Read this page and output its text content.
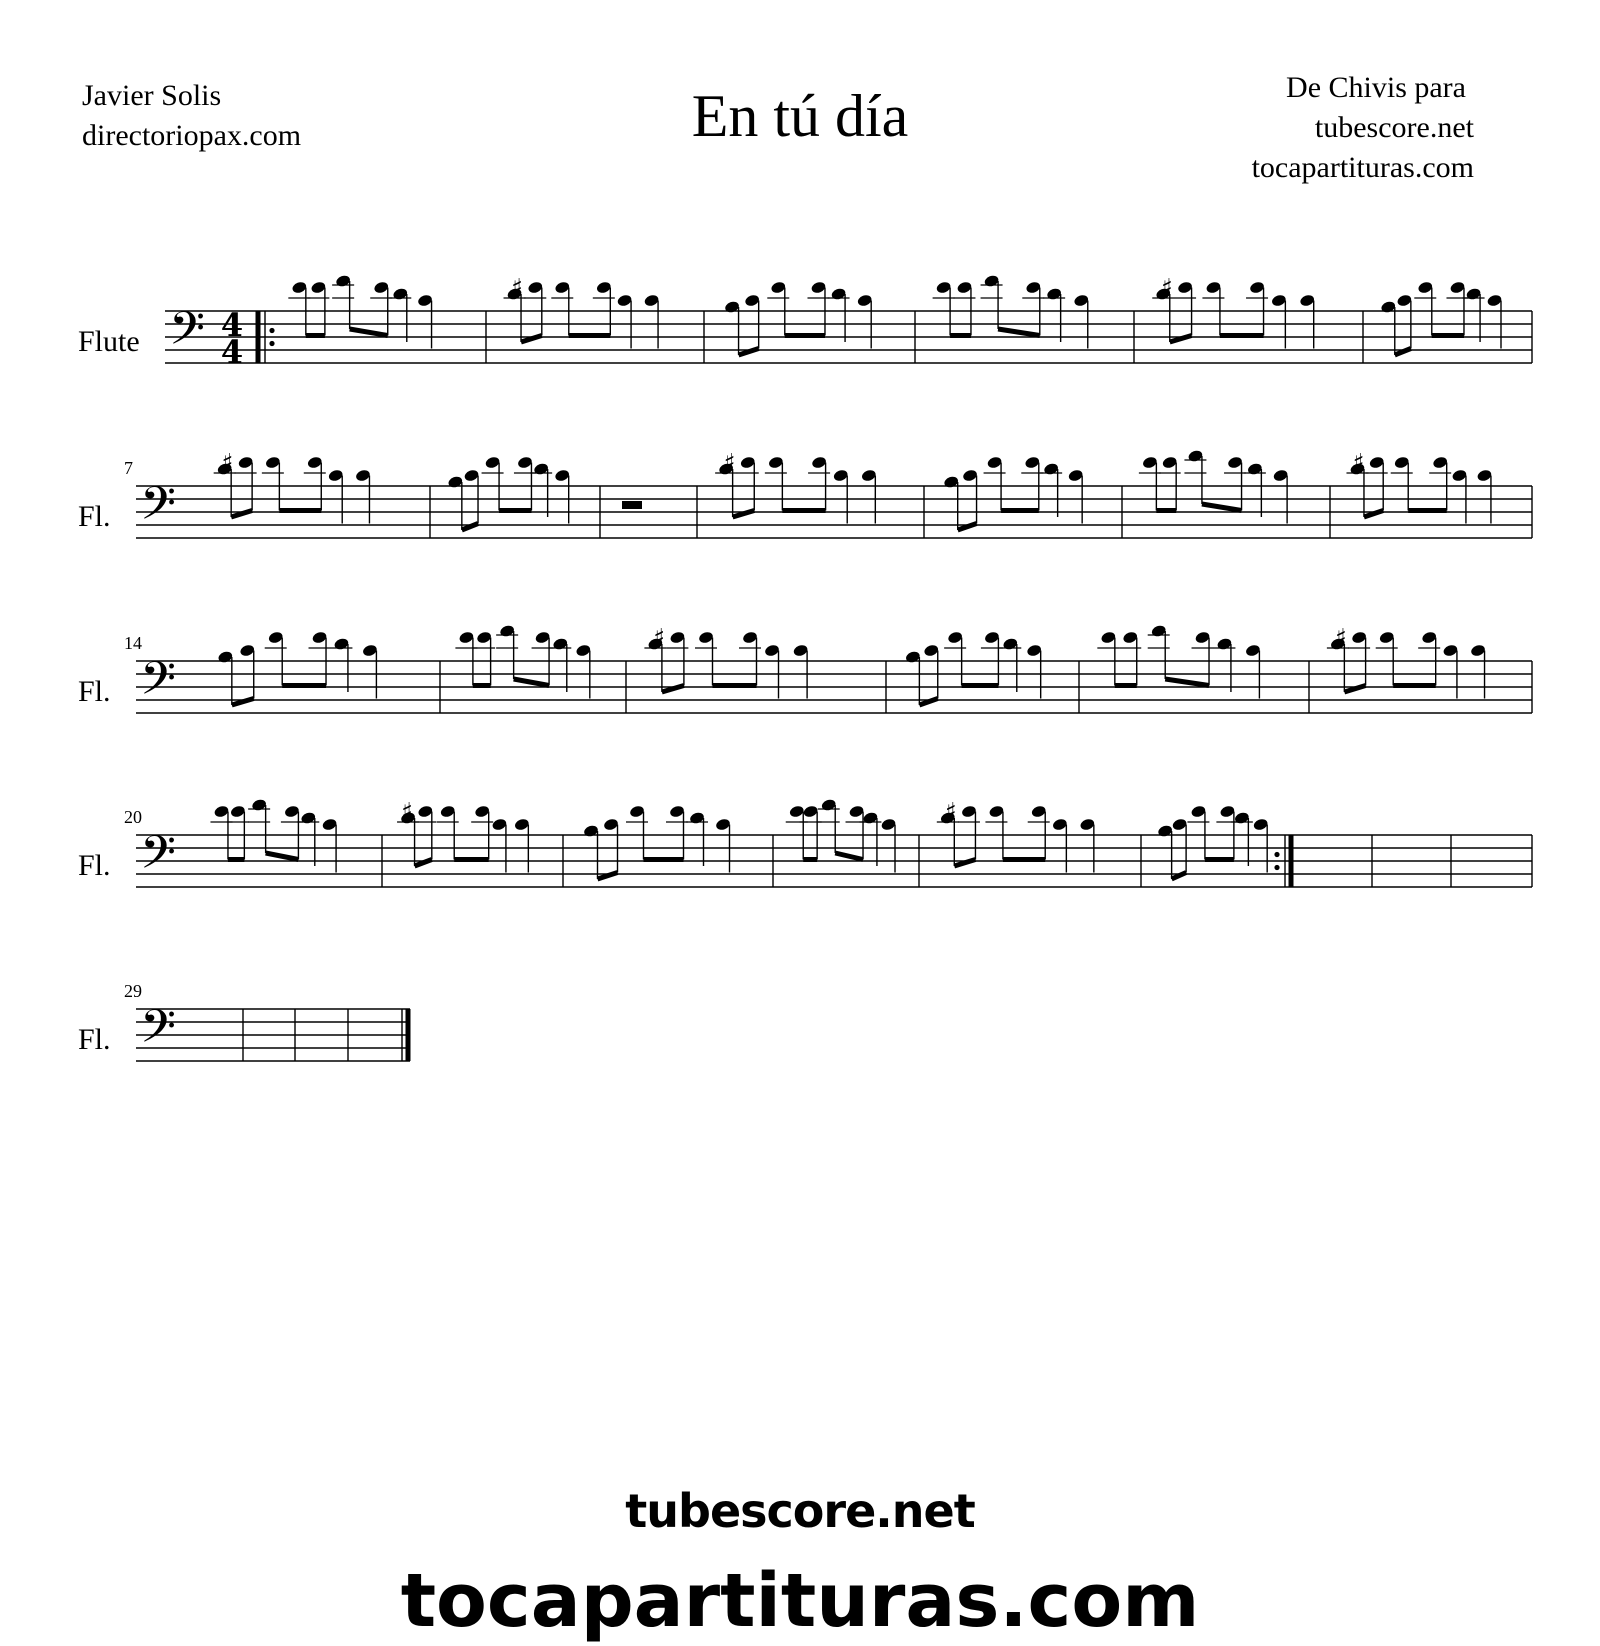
Javier Solis
directoriopax.com	En tú día	De Chivis para
tubescore.net
tocapartituras.com
Flute 𝄢 4
4
♯	♯
Fl.
7
𝄢
♯	♯	♯
Fl.
14
𝄢
♯	♯
Fl.
20
𝄢
♯	♯
Fl.
29
𝄢
tubescore.net
tocapartituras.com
